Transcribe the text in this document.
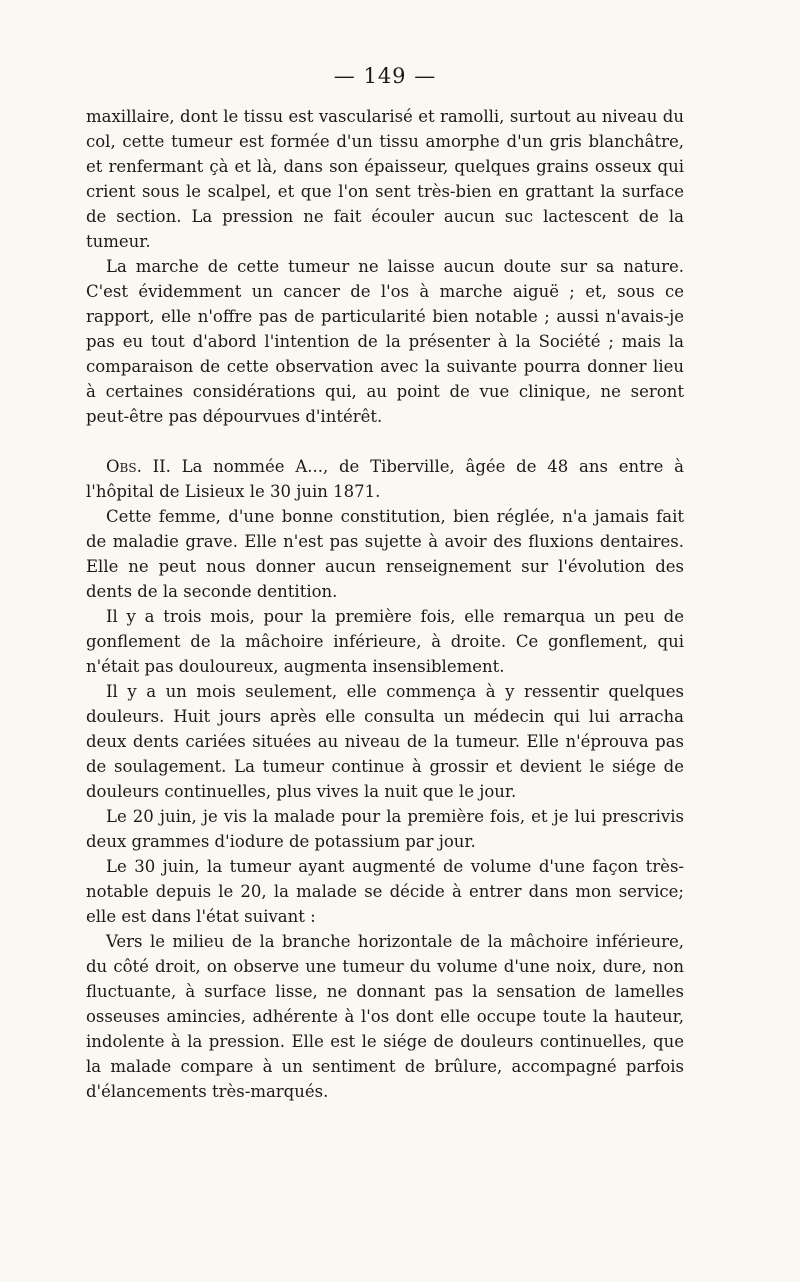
— 149 —

maxillaire, dont le tissu est vascularisé et ramolli, surtout au niveau du col, cette tumeur est formée d'un tissu amorphe d'un gris blanchâtre, et renfermant çà et là, dans son épaisseur, quelques grains osseux qui crient sous le scalpel, et que l'on sent très-bien en grattant la surface de section. La pression ne fait écouler aucun suc lactescent de la tumeur.

La marche de cette tumeur ne laisse aucun doute sur sa nature. C'est évidemment un cancer de l'os à marche aiguë ; et, sous ce rapport, elle n'offre pas de particularité bien notable ; aussi n'avais-je pas eu tout d'abord l'intention de la présenter à la Société ; mais la comparaison de cette observation avec la suivante pourra donner lieu à certaines considérations qui, au point de vue clinique, ne seront peut-être pas dépourvues d'intérêt.

Obs. II. La nommée A..., de Tiberville, âgée de 48 ans entre à l'hôpital de Lisieux le 30 juin 1871.

Cette femme, d'une bonne constitution, bien réglée, n'a jamais fait de maladie grave. Elle n'est pas sujette à avoir des fluxions dentaires. Elle ne peut nous donner aucun renseignement sur l'évolution des dents de la seconde dentition.

Il y a trois mois, pour la première fois, elle remarqua un peu de gonflement de la mâchoire inférieure, à droite. Ce gonflement, qui n'était pas douloureux, augmenta insensiblement.

Il y a un mois seulement, elle commença à y ressentir quelques douleurs. Huit jours après elle consulta un médecin qui lui arracha deux dents cariées situées au niveau de la tumeur. Elle n'éprouva pas de soulagement. La tumeur continue à grossir et devient le siége de douleurs continuelles, plus vives la nuit que le jour.

Le 20 juin, je vis la malade pour la première fois, et je lui prescrivis deux grammes d'iodure de potassium par jour.

Le 30 juin, la tumeur ayant augmenté de volume d'une façon très-notable depuis le 20, la malade se décide à entrer dans mon service; elle est dans l'état suivant :

Vers le milieu de la branche horizontale de la mâchoire inférieure, du côté droit, on observe une tumeur du volume d'une noix, dure, non fluctuante, à surface lisse, ne donnant pas la sensation de lamelles osseuses amincies, adhérente à l'os dont elle occupe toute la hauteur, indolente à la pression. Elle est le siége de douleurs continuelles, que la malade compare à un sentiment de brûlure, accompagné parfois d'élancements très-marqués.
